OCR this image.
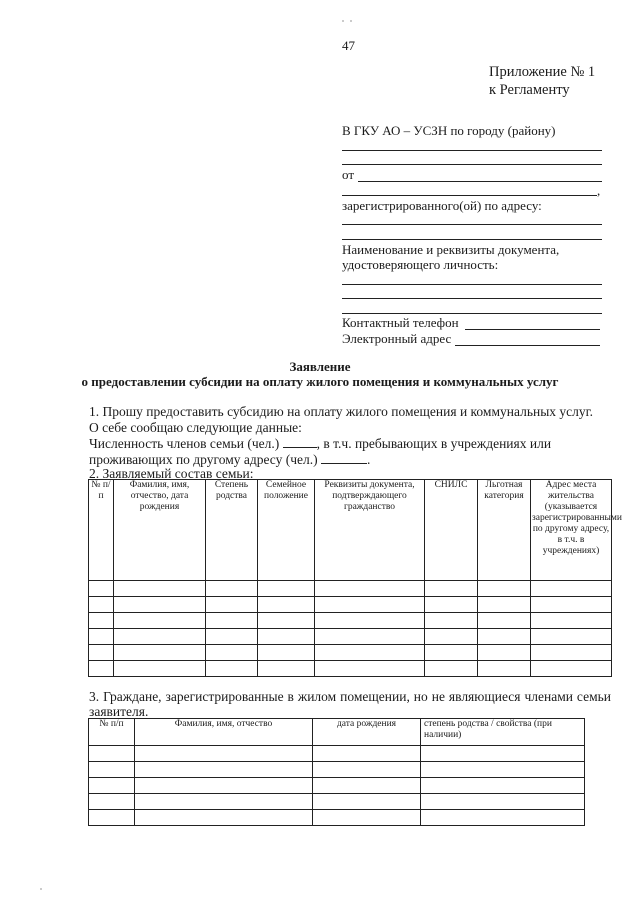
47
Приложение № 1
к Регламенту
В ГКУ АО – УСЗН по городу (району)
от
,
зарегистрированного(ой) по адресу:
Наименование и реквизиты документа,
удостоверяющего личность:
Контактный телефон
Электронный адрес
Заявление
о предоставлении субсидии на оплату жилого помещения и коммунальных услуг
1. Прошу предоставить субсидию на оплату жилого помещения и коммунальных услуг.
О себе сообщаю следующие данные:
Численность членов семьи (чел.)	, в т.ч. пребывающих в учреждениях или
проживающих по другому адресу (чел.)	.
2. Заявляемый состав семьи:
№ п/п	Фамилия, имя, отчество, дата рождения	Степень родства	Семейное положение	Реквизиты документа, подтверждающего гражданство	СНИЛС	Льготная категория	Адрес места жительства (указывается зарегистрированными по другому адресу, в т.ч. в учреждениях)

3. Граждане, зарегистрированные в жилом помещении, но не являющиеся членами семьи
заявителя.
№ п/п	Фамилия, имя, отчество	дата рождения	степень родства / свойства (при наличии)
